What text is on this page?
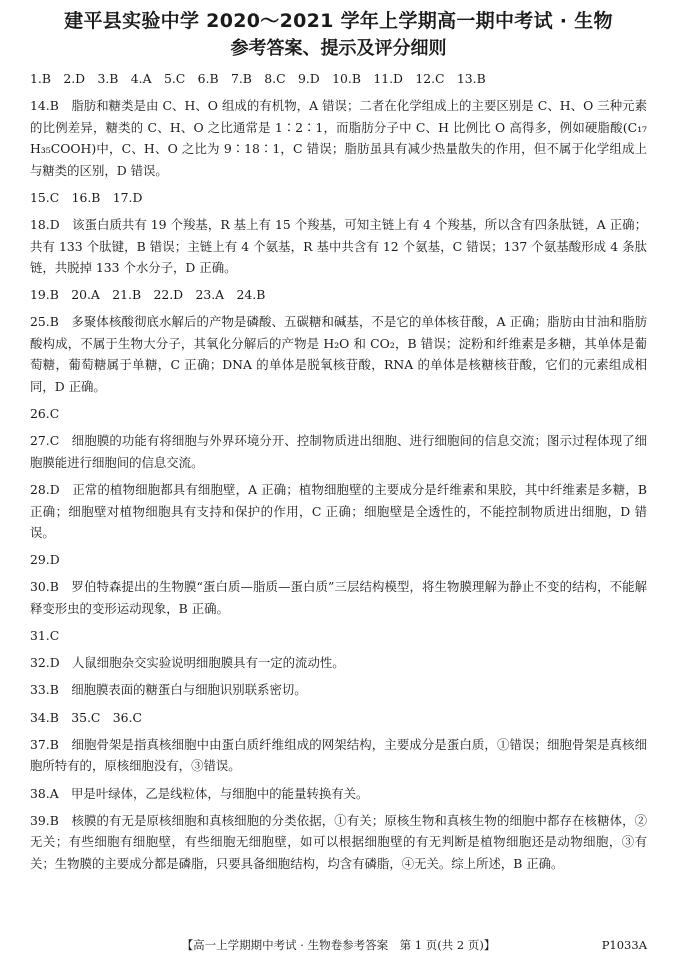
建平县实验中学 2020～2021 学年上学期高一期中考试 · 生物
参考答案、提示及评分细则
1.B　2.D　3.B　4.A　5.C　6.B　7.B　8.C　9.D　10.B　11.D　12.C　13.B
14.B　脂肪和糖类是由 C、H、O 组成的有机物，A 错误；二者在化学组成上的主要区别是 C、H、O 三种元素的比例差异，糖类的 C、H、O 之比通常是 1∶2∶1，而脂肪分子中 C、H 比例比 O 高得多，例如硬脂酸(C₁₇H₃₅COOH)中，C、H、O 之比为 9∶18∶1，C 错误；脂肪虽具有减少热量散失的作用，但不属于化学组成上与糖类的区别，D 错误。
15.C　16.B　17.D
18.D　该蛋白质共有 19 个羧基，R 基上有 15 个羧基，可知主链上有 4 个羧基，所以含有四条肽链，A 正确；共有 133 个肽键，B 错误；主链上有 4 个氨基，R 基中共含有 12 个氨基，C 错误；137 个氨基酸形成 4 条肽链，共脱掉 133 个水分子，D 正确。
19.B　20.A　21.B　22.D　23.A　24.B
25.B　多聚体核酸彻底水解后的产物是磷酸、五碳糖和碱基，不是它的单体核苷酸，A 正确；脂肪由甘油和脂肪酸构成，不属于生物大分子，其氧化分解后的产物是 H₂O 和 CO₂，B 错误；淀粉和纤维素是多糖，其单体是葡萄糖，葡萄糖属于单糖，C 正确；DNA 的单体是脱氧核苷酸，RNA 的单体是核糖核苷酸，它们的元素组成相同，D 正确。
26.C
27.C　细胞膜的功能有将细胞与外界环境分开、控制物质进出细胞、进行细胞间的信息交流；图示过程体现了细胞膜能进行细胞间的信息交流。
28.D　正常的植物细胞都具有细胞壁，A 正确；植物细胞壁的主要成分是纤维素和果胶，其中纤维素是多糖，B 正确；细胞壁对植物细胞具有支持和保护的作用，C 正确；细胞壁是全透性的，不能控制物质进出细胞，D 错误。
29.D
30.B　罗伯特森提出的生物膜“蛋白质—脂质—蛋白质”三层结构模型，将生物膜理解为静止不变的结构，不能解释变形虫的变形运动现象，B 正确。
31.C
32.D　人鼠细胞杂交实验说明细胞膜具有一定的流动性。
33.B　细胞膜表面的糖蛋白与细胞识别联系密切。
34.B　35.C　36.C
37.B　细胞骨架是指真核细胞中由蛋白质纤维组成的网架结构，主要成分是蛋白质，①错误；细胞骨架是真核细胞所特有的，原核细胞没有，③错误。
38.A　甲是叶绿体，乙是线粒体，与细胞中的能量转换有关。
39.B　核膜的有无是原核细胞和真核细胞的分类依据，①有关；原核生物和真核生物的细胞中都存在核糖体，②无关；有些细胞有细胞壁，有些细胞无细胞壁，如可以根据细胞壁的有无判断是植物细胞还是动物细胞，③有关；生物膜的主要成分都是磷脂，只要具备细胞结构，均含有磷脂，④无关。综上所述，B 正确。
【高一上学期期中考试 · 生物卷参考答案　第 1 页(共 2 页)】	P1033A
